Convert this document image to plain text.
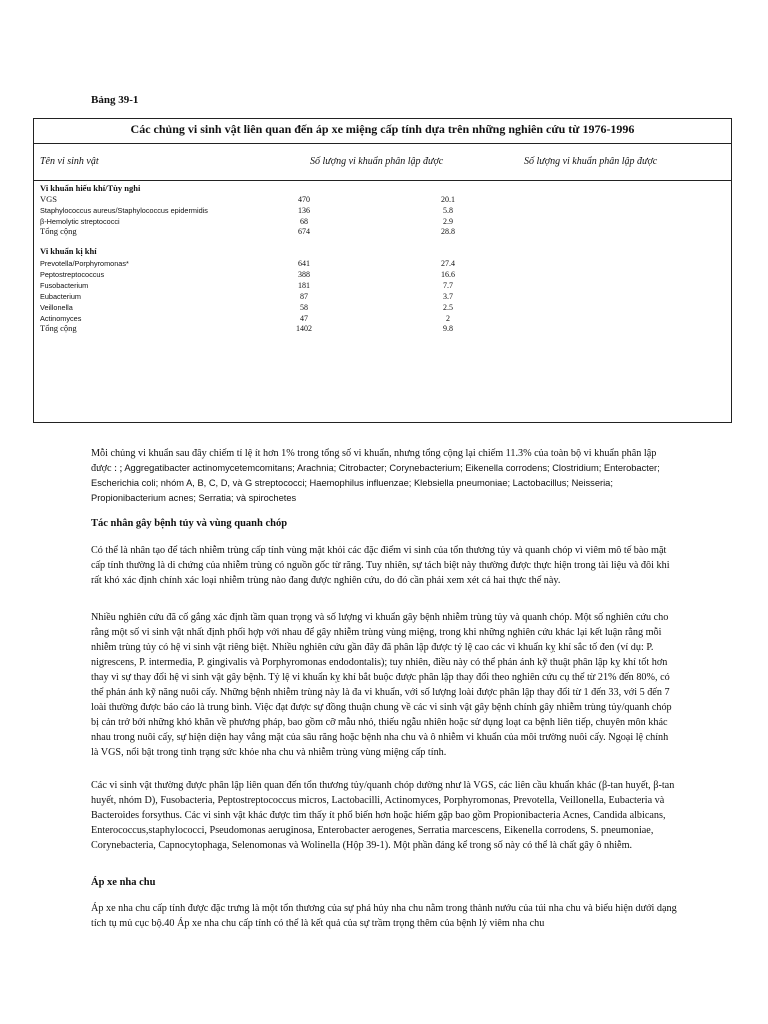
Bảng 39-1
Các chủng vi sinh vật liên quan đến áp xe miệng cấp tính dựa trên những nghiên cứu từ 1976-1996
Tên vi sinh vật	Số lượng vi khuẩn phân lập được	Số lượng vi khuẩn phân lập được
Vi khuẩn hiếu khí/Tùy nghi
VGS	470	20.1
Staphylococcus aureus/Staphylococcus epidermidis	136	5.8
β-Hemolytic streptococci	68	2.9
Tổng cộng	674	28.8
Vi khuẩn kị khí
Prevotella/Porphyromonas*	641	27.4
Peptostreptococcus	388	16.6
Fusobacterium	181	7.7
Eubacterium	87	3.7
Veillonella	58	2.5
Actinomyces	47	2
Tổng cộng	1402	9.8
Mỗi chủng vi khuẩn sau đây chiếm tỉ lệ ít hơn 1% trong tổng số vi khuẩn, nhưng tổng cộng lại chiếm 11.3% của toàn bộ vi khuẩn phân lập được : ; Aggregatibacter actinomycetemcomitans; Arachnia; Citrobacter; Corynebacterium; Eikenella corrodens; Clostridium; Enterobacter; Escherichia coli; nhóm A, B, C, D, và G streptococci; Haemophilus influenzae; Klebsiella pneumoniae; Lactobacillus; Neisseria; Propionibacterium acnes; Serratia; và spirochetes
Tác nhân gây bệnh tủy và vùng quanh chóp
Có thể là nhân tạo để tách nhiễm trùng cấp tính vùng mặt khỏi các đặc điểm vi sinh của tổn thương tủy và quanh chóp vì viêm mô tế bào mặt cấp tính thường là di chứng của nhiễm trùng có nguồn gốc từ răng. Tuy nhiên, sự tách biệt này thường được thực hiện trong tài liệu và đôi khi rất khó xác định chính xác loại nhiễm trùng nào đang được nghiên cứu, do đó cần phải xem xét cả hai thực thể này.
Nhiều nghiên cứu đã cố gắng xác định tầm quan trọng và số lượng vi khuẩn gây bệnh nhiễm trùng tủy và quanh chóp. Một số nghiên cứu cho rằng một số vi sinh vật nhất định phối hợp với nhau để gây nhiễm trùng vùng miệng, trong khi những nghiên cứu khác lại kết luận rằng mỗi nhiễm trùng tủy có hệ vi sinh vật riêng biệt. Nhiều nghiên cứu gần đây đã phân lập được tỷ lệ cao các vi khuẩn kỵ khí sắc tố đen (ví dụ: P. nigrescens, P. intermedia, P. gingivalis và Porphyromonas endodontalis); tuy nhiên, điều này có thể phản ánh kỹ thuật phân lập kỵ khí tốt hơn thay vì sự thay đổi hệ vi sinh vật gây bệnh. Tỷ lệ vi khuẩn kỵ khí bắt buộc được phân lập thay đổi theo nghiên cứu cụ thể từ 21% đến 80%, có thể phản ánh kỹ năng nuôi cấy. Những bệnh nhiễm trùng này là đa vi khuẩn, với số lượng loài được phân lập thay đổi từ 1 đến 33, với 5 đến 7 loài thường được báo cáo là trung bình. Việc đạt được sự đồng thuận chung về các vi sinh vật gây bệnh chính gây nhiễm trùng tủy/quanh chóp bị cản trở bởi những khó khăn về phương pháp, bao gồm cỡ mẫu nhỏ, thiếu ngẫu nhiên hoặc sử dụng loạt ca bệnh liên tiếp, chuyên môn khác nhau trong nuôi cấy, sự hiện diện hay vắng mặt của sâu răng hoặc bệnh nha chu và ô nhiễm vi khuẩn của môi trường nuôi cấy. Ngoại lệ chính là VGS, nổi bật trong tình trạng sức khỏe nha chu và nhiễm trùng vùng miệng cấp tính.
Các vi sinh vật thường được phân lập liên quan đến tổn thương tủy/quanh chóp dường như là VGS, các liên cầu khuẩn khác (β-tan huyết, β-tan huyết, nhóm D), Fusobacteria, Peptostreptococcus micros, Lactobacilli, Actinomyces, Porphyromonas, Prevotella, Veillonella, Eubacteria và Bacteroides forsythus. Các vi sinh vật khác được tìm thấy ít phổ biến hơn hoặc hiếm gặp bao gồm Propionibacteria Acnes, Candida albicans, Enterococcus,staphylococci, Pseudomonas aeruginosa, Enterobacter aerogenes, Serratia marcescens, Eikenella corrodens, S. pneumoniae, Corynebacteria, Capnocytophaga, Selenomonas và Wolinella (Hộp 39-1). Một phần đáng kể trong số này có thể là chất gây ô nhiễm.
Áp xe nha chu
Áp xe nha chu cấp tính được đặc trưng là một tổn thương của sự phá hủy nha chu nằm trong thành nướu của túi nha chu và biểu hiện dưới dạng tích tụ mủ cục bộ.40 Áp xe nha chu cấp tính có thể là kết quả của sự trầm trọng thêm của bệnh lý viêm nha chu
